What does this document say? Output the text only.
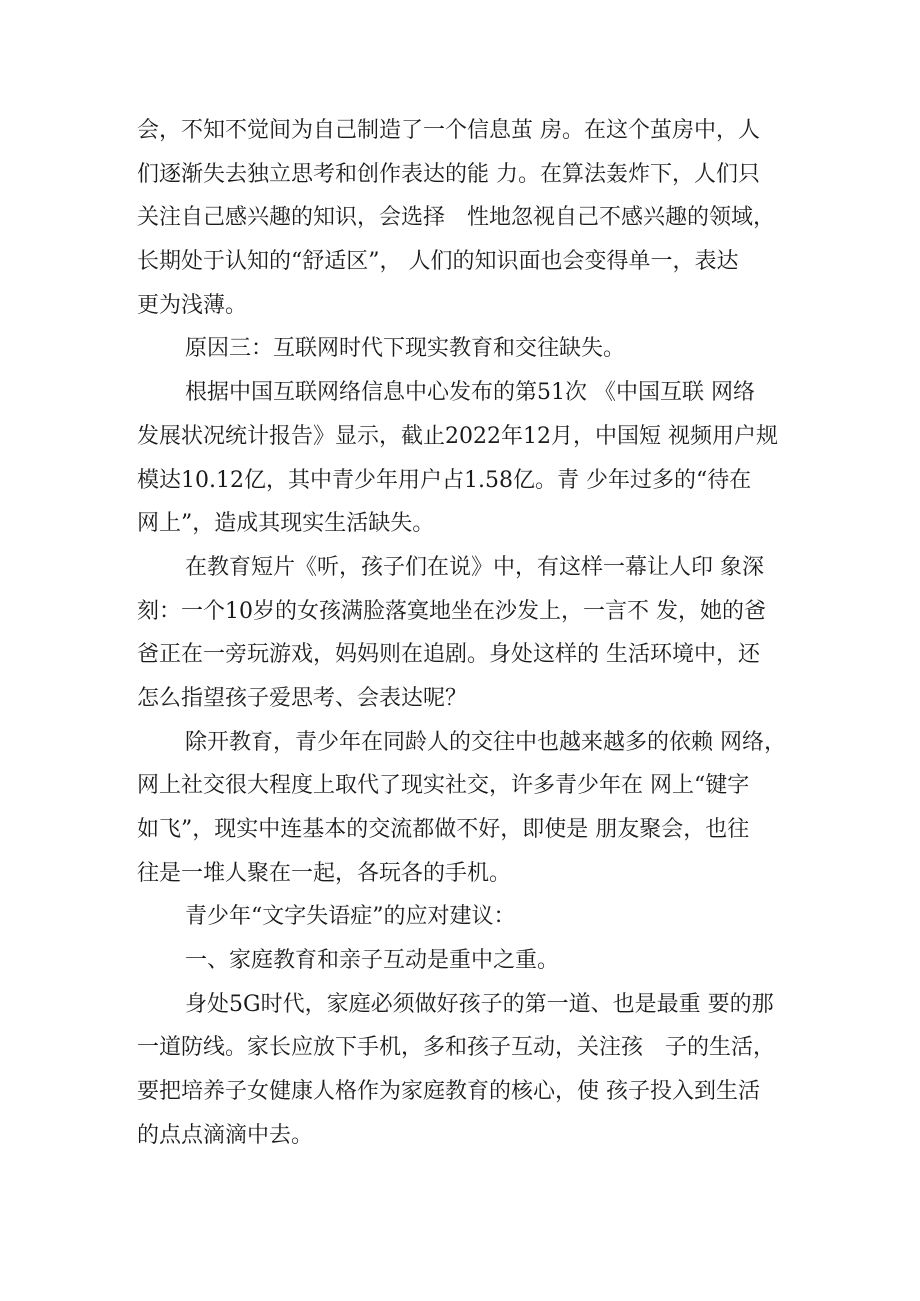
会，不知不觉间为自己制造了一个信息茧 房。在这个茧房中，人
们逐渐失去独立思考和创作表达的能 力。在算法轰炸下，人们只
关注自己感兴趣的知识，会选择　性地忽视自己不感兴趣的领域，
长期处于认知的“舒适区”， 人们的知识面也会变得单一，表达
更为浅薄。

原因三：互联网时代下现实教育和交往缺失。

根据中国互联网络信息中心发布的第51次 《中国互联 网络
发展状况统计报告》显示，截止2022年12月，中国短 视频用户规
模达10.12亿，其中青少年用户占1.58亿。青 少年过多的“待在
网上”，造成其现实生活缺失。

在教育短片《听，孩子们在说》中，有这样一幕让人印 象深
刻：一个10岁的女孩满脸落寞地坐在沙发上，一言不 发，她的爸
爸正在一旁玩游戏，妈妈则在追剧。身处这样的 生活环境中，还
怎么指望孩子爱思考、会表达呢？

除开教育，青少年在同龄人的交往中也越来越多的依赖 网络，
网上社交很大程度上取代了现实社交，许多青少年在 网上“键字
如飞”，现实中连基本的交流都做不好，即使是 朋友聚会，也往
往是一堆人聚在一起，各玩各的手机。

青少年“文字失语症”的应对建议：

一、家庭教育和亲子互动是重中之重。

身处5G时代，家庭必须做好孩子的第一道、也是最重 要的那
一道防线。家长应放下手机，多和孩子互动，关注孩　子的生活，
要把培养子女健康人格作为家庭教育的核心，使 孩子投入到生活
的点点滴滴中去。
